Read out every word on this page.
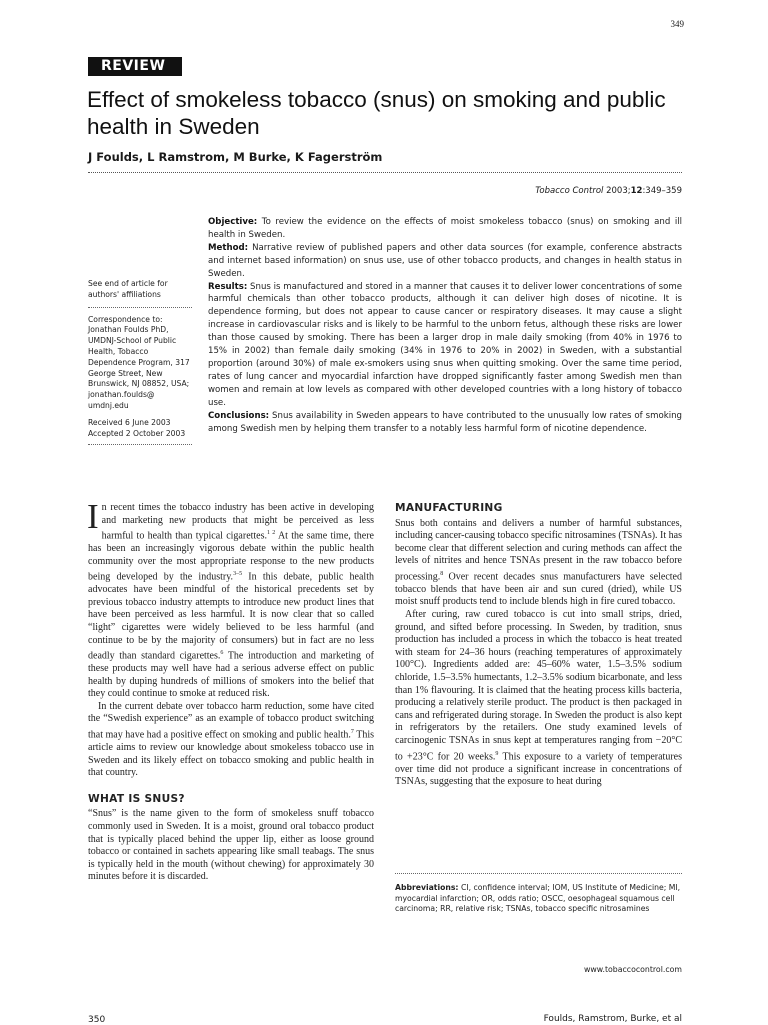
349
REVIEW
Effect of smokeless tobacco (snus) on smoking and public health in Sweden
J Foulds, L Ramstrom, M Burke, K Fagerström
Tobacco Control 2003;12:349–359
See end of article for authors' affiliations
Correspondence to: Jonathan Foulds PhD, UMDNJ-School of Public Health, Tobacco Dependence Program, 317 George Street, New Brunswick, NJ 08852, USA; jonathan.foulds@ umdnj.edu
Received 6 June 2003
Accepted 2 October 2003

Objective: To review the evidence on the effects of moist smokeless tobacco (snus) on smoking and ill health in Sweden.

Method: Narrative review of published papers and other data sources (for example, conference abstracts and internet based information) on snus use, use of other tobacco products, and changes in health status in Sweden.

Results: Snus is manufactured and stored in a manner that causes it to deliver lower concentrations of some harmful chemicals than other tobacco products, although it can deliver high doses of nicotine. It is dependence forming, but does not appear to cause cancer or respiratory diseases. It may cause a slight increase in cardiovascular risks and is likely to be harmful to the unborn fetus, although these risks are lower than those caused by smoking. There has been a larger drop in male daily smoking (from 40% in 1976 to 15% in 2002) than female daily smoking (34% in 1976 to 20% in 2002) in Sweden, with a substantial proportion (around 30%) of male ex-smokers using snus when quitting smoking. Over the same time period, rates of lung cancer and myocardial infarction have dropped significantly faster among Swedish men than women and remain at low levels as compared with other developed countries with a long history of tobacco use.

Conclusions: Snus availability in Sweden appears to have contributed to the unusually low rates of smoking among Swedish men by helping them transfer to a notably less harmful form of nicotine dependence.

In recent times the tobacco industry has been active in developing and marketing new products that might be perceived as less harmful to health than typical cigarettes.$^{1 2}$ At the same time, there has been an increasingly vigorous debate within the public health community over the most appropriate response to the new products being developed by the industry.$^{3-5}$ In this debate, public health advocates have been mindful of the historical precedents set by previous tobacco industry attempts to introduce new product lines that have been perceived as less harmful. It is now clear that so called “light” cigarettes were widely believed to be less harmful (and continue to be by the majority of consumers) but in fact are no less deadly than standard cigarettes.$^6$ The introduction and marketing of these products may well have had a serious adverse effect on public health by duping hundreds of millions of smokers into the belief that they could continue to smoke at reduced risk.

In the current debate over tobacco harm reduction, some have cited the “Swedish experience” as an example of tobacco product switching that may have had a positive effect on smoking and public health.$^7$ This article aims to review our knowledge about smokeless tobacco use in Sweden and its likely effect on tobacco smoking and public health in that country.

WHAT IS SNUS?

“Snus” is the name given to the form of smokeless snuff tobacco commonly used in Sweden. It is a moist, ground oral tobacco product that is typically placed behind the upper lip, either as loose ground tobacco or contained in sachets appearing like small teabags. The snus is typically held in the mouth (without chewing) for approximately 30 minutes before it is discarded.

MANUFACTURING

Snus both contains and delivers a number of harmful substances, including cancer-causing tobacco specific nitrosamines (TSNAs). It has become clear that different selection and curing methods can affect the levels of nitrites and hence TSNAs present in the raw tobacco before processing.$^8$ Over recent decades snus manufacturers have selected tobacco blends that have been air and sun cured (dried), while US moist snuff products tend to include blends high in fire cured tobacco.

After curing, raw cured tobacco is cut into small strips, dried, ground, and sifted before processing. In Sweden, by tradition, snus production has included a process in which the tobacco is heat treated with steam for 24–36 hours (reaching temperatures of approximately 100°C). Ingredients added are: 45–60% water, 1.5–3.5% sodium chloride, 1.5–3.5% humectants, 1.2–3.5% sodium bicarbonate, and less than 1% flavouring. It is claimed that the heating process kills bacteria, producing a relatively sterile product. The product is then packaged in cans and refrigerated during storage. In Sweden the product is also kept in refrigerators by the retailers. One study examined levels of carcinogenic TSNAs in snus kept at temperatures ranging from −20°C to +23°C for 20 weeks.$^9$ This exposure to a variety of temperatures over time did not produce a significant increase in concentrations of TSNAs, suggesting that the exposure to heat during

Abbreviations: CI, confidence interval; IOM, US Institute of Medicine; MI, myocardial infarction; OR, odds ratio; OSCC, oesophageal squamous cell carcinoma; RR, relative risk; TSNAs, tobacco specific nitrosamines
www.tobaccocontrol.com
350	Foulds, Ramstrom, Burke, et al
